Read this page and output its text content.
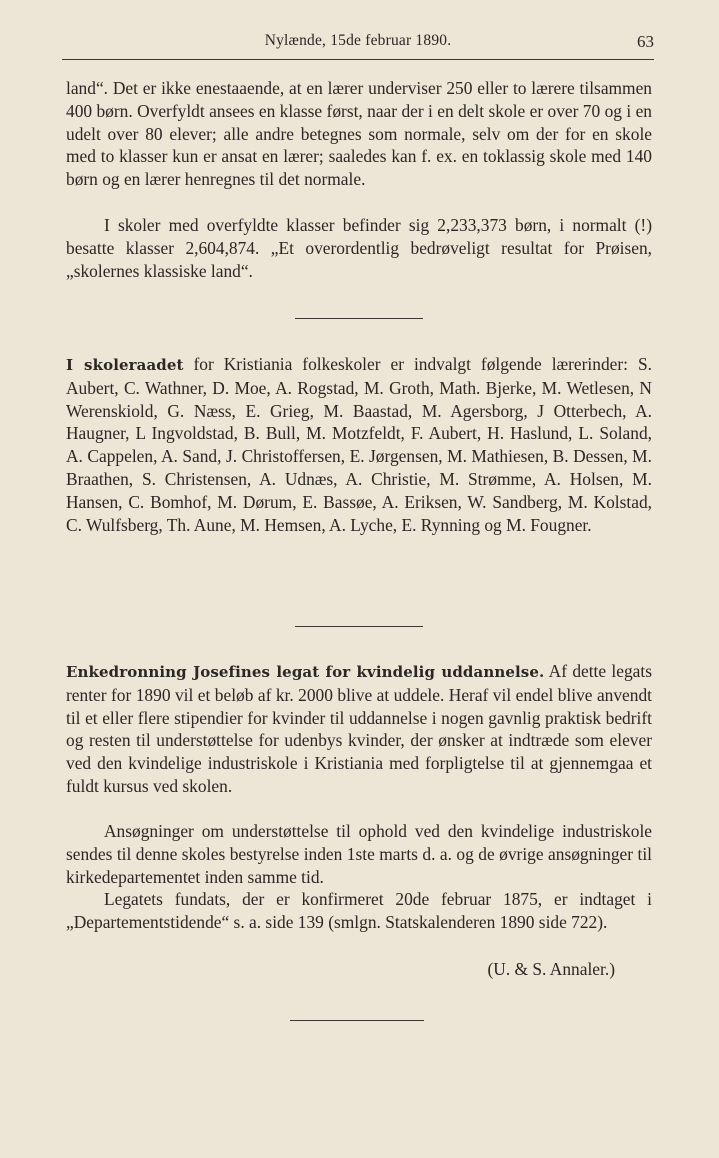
Nylænde, 15de februar 1890.	63

land“. Det er ikke enestaaende, at en lærer underviser 250 eller to lærere tilsammen 400 børn. Overfyldt ansees en klasse først, naar der i en delt skole er over 70 og i en udelt over 80 elever; alle andre betegnes som normale, selv om der for en skole med to klasser kun er ansat en lærer; saaledes kan f. ex. en toklassig skole med 140 børn og en lærer henregnes til det normale.

I skoler med overfyldte klasser befinder sig 2,233,373 børn, i normalt (!) besatte klasser 2,604,874. „Et overordentlig bedrøveligt resultat for Prøisen, „skolernes klassiske land“.

I skoleraadet for Kristiania folkeskoler er indvalgt følgende lærerinder: S. Aubert, C. Wathner, D. Moe, A. Rogstad, M. Groth, Math. Bjerke, M. Wetlesen, N Werenskiold, G. Næss, E. Grieg, M. Baastad, M. Agersborg, J Otterbech, A. Haugner, L Ingvoldstad, B. Bull, M. Motzfeldt, F. Aubert, H. Haslund, L. Soland, A. Cappelen, A. Sand, J. Christoffersen, E. Jørgensen, M. Mathiesen, B. Dessen, M. Braathen, S. Christensen, A. Udnæs, A. Christie, M. Strømme, A. Holsen, M. Hansen, C. Bomhof, M. Dørum, E. Bassøe, A. Eriksen, W. Sandberg, M. Kolstad, C. Wulfsberg, Th. Aune, M. Hemsen, A. Lyche, E. Rynning og M. Fougner.

Enkedronning Josefines legat for kvindelig uddannelse. Af dette legats renter for 1890 vil et beløb af kr. 2000 blive at uddele. Heraf vil endel blive anvendt til et eller flere stipendier for kvinder til uddannelse i nogen gavnlig praktisk bedrift og resten til understøttelse for udenbys kvinder, der ønsker at indtræde som elever ved den kvindelige industriskole i Kristiania med forpligtelse til at gjennemgaa et fuldt kursus ved skolen.

Ansøgninger om understøttelse til ophold ved den kvindelige industriskole sendes til denne skoles bestyrelse inden 1ste marts d. a. og de øvrige ansøgninger til kirkedepartementet inden samme tid.

Legatets fundats, der er konfirmeret 20de februar 1875, er indtaget i „Departementstidende“ s. a. side 139 (smlgn. Statskalenderen 1890 side 722).

(U. & S. Annaler.)
